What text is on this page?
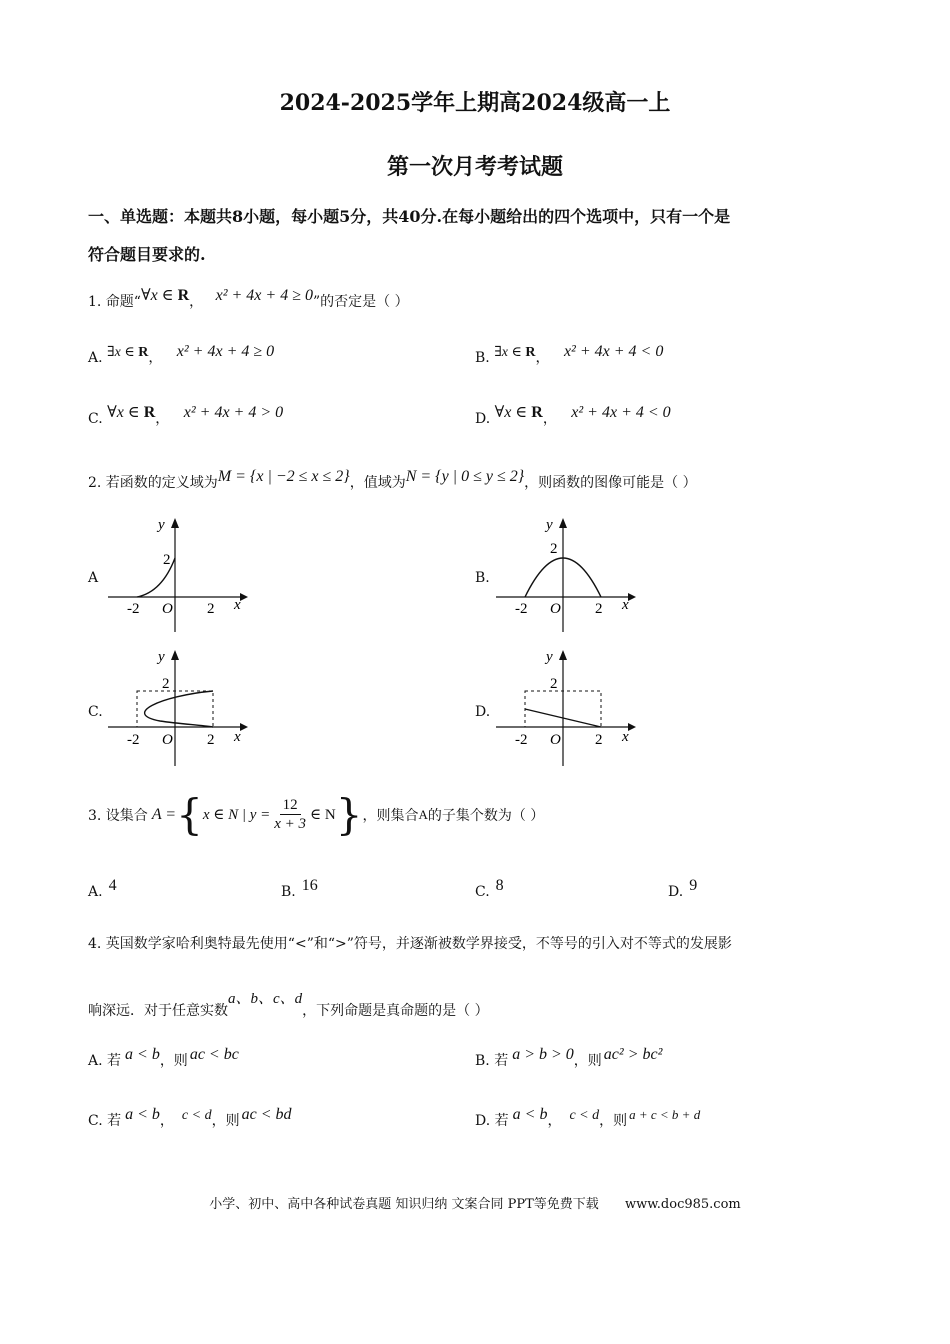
2024-2025学年上期高2024级高一上
第一次月考考试题
一、单选题：本题共8小题，每小题5分，共40分.在每小题给出的四个选项中，只有一个是
符合题目要求的.
1. 命题“∀x ∈ R， x² + 4x + 4 ≥ 0”的否定是（ ）
A. ∃x ∈ R， x² + 4x + 4 ≥ 0	B. ∃x ∈ R， x² + 4x + 4 < 0
C. ∀x ∈ R， x² + 4x + 4 > 0	D. ∀x ∈ R， x² + 4x + 4 < 0
2. 若函数的定义域为M = {x | −2 ≤ x ≤ 2}，值域为N = {y | 0 ≤ y ≤ 2}，则函数的图像可能是（ ）
A	B.
C.	D.
y
x
O
-2	2
2
y
x
O
-2	2
2
y
x
O
-2	2
2
y
x
O
-2	2
2
3. 设集合 A = { x ∈ N | $y = \frac{12}{x + 3}$ ∈ N } ，则集合 A 的子集个数为（ ）
A. 4	B. 16	C. 8	D. 9
4. 英国数学家哈利奥特最先使用“<”和“>”符号，并逐渐被数学界接受，不等号的引入对不等式的发展影
响深远．对于任意实数a、b、c、d，下列命题是真命题的是（ ）
A. 若 a < b，则 ac < bc	B. 若 a > b > 0，则 ac² > bc²
C. 若 a < b， c < d，则 ac < bd	D. 若 a < b， c < d，则 a + c < b + d
小学、初中、高中各种试卷真题 知识归纳 文案合同 PPT等免费下载 www.doc985.com
